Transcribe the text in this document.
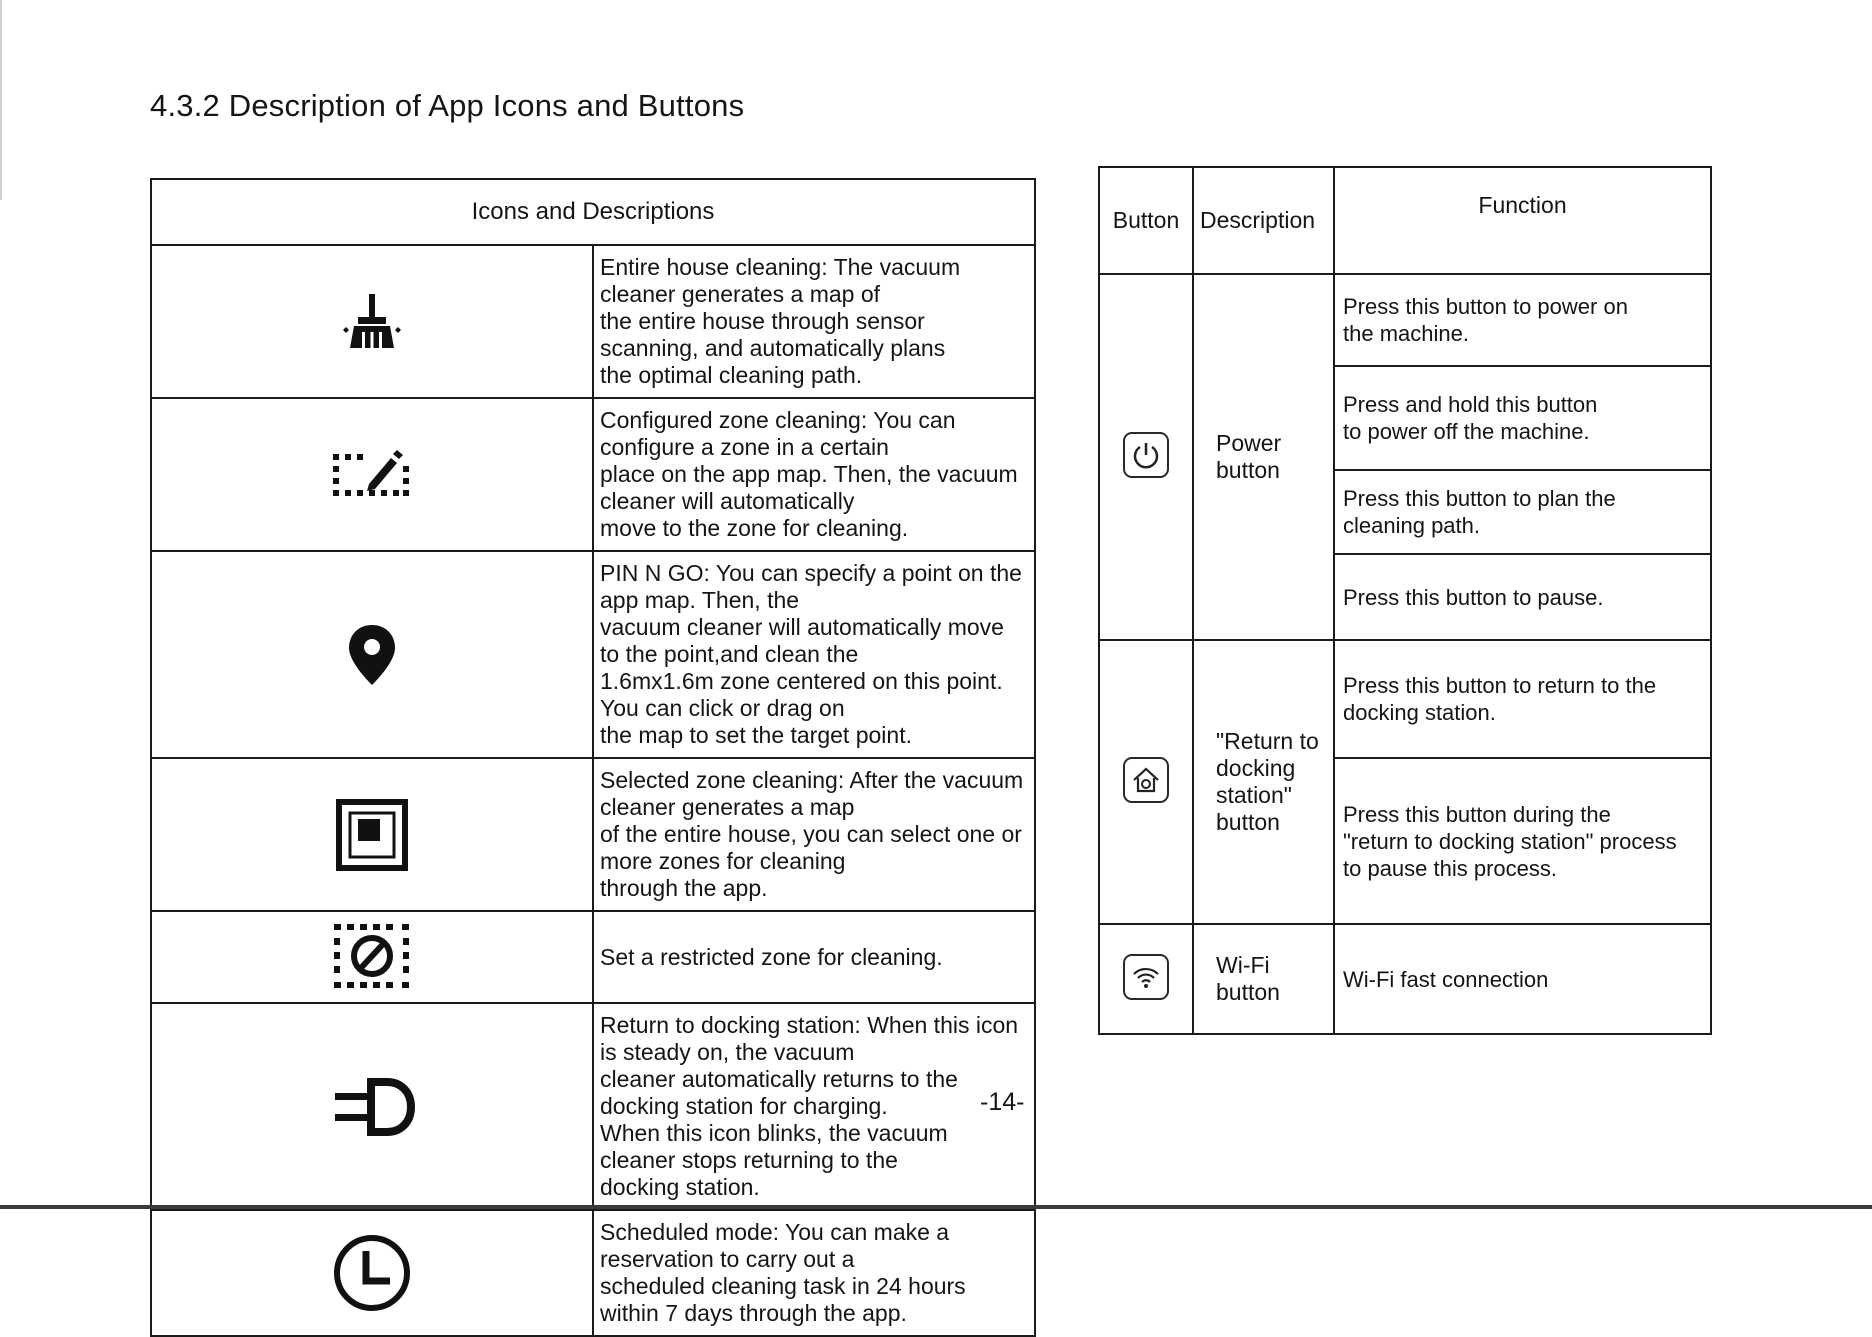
4.3.2 Description of App Icons and Buttons
Icons and Descriptions	

Entire house cleaning: The vacuum cleaner generates a map of
the entire house through sensor scanning, and automatically plans
the optimal cleaning path.

Configured zone cleaning: You can configure a zone in a certain
place on the app map. Then, the vacuum cleaner will automatically
move to the zone for cleaning.

PIN N GO: You can specify a point on the app map. Then, the
vacuum cleaner will automatically move to the point,and clean the
1.6mx1.6m zone centered on this point. You can click or drag on
the map to set the target point.

Selected zone cleaning: After the vacuum cleaner generates a map
of the entire house, you can select one or more zones for cleaning
through the app.

Set a restricted zone for cleaning.

Return to docking station: When this icon is steady on, the vacuum
cleaner automatically returns to the docking station for charging.
When this icon blinks, the vacuum cleaner stops returning to the
docking station.

Scheduled mode: You can make a reservation to carry out a
scheduled cleaning task in 24 hours within 7 days through the app.
Button	Description	Function

Power
button	Press this button to power on
the machine.

		Press and hold this button
to power off the machine.

		Press this button to plan the
cleaning path.

		Press this button to pause.

"Return to
docking
station"
button	Press this button to return to the
docking station.

		Press this button during the
"return to docking station" process
to pause this process.

Wi-Fi
button	Wi-Fi fast connection
-14-
